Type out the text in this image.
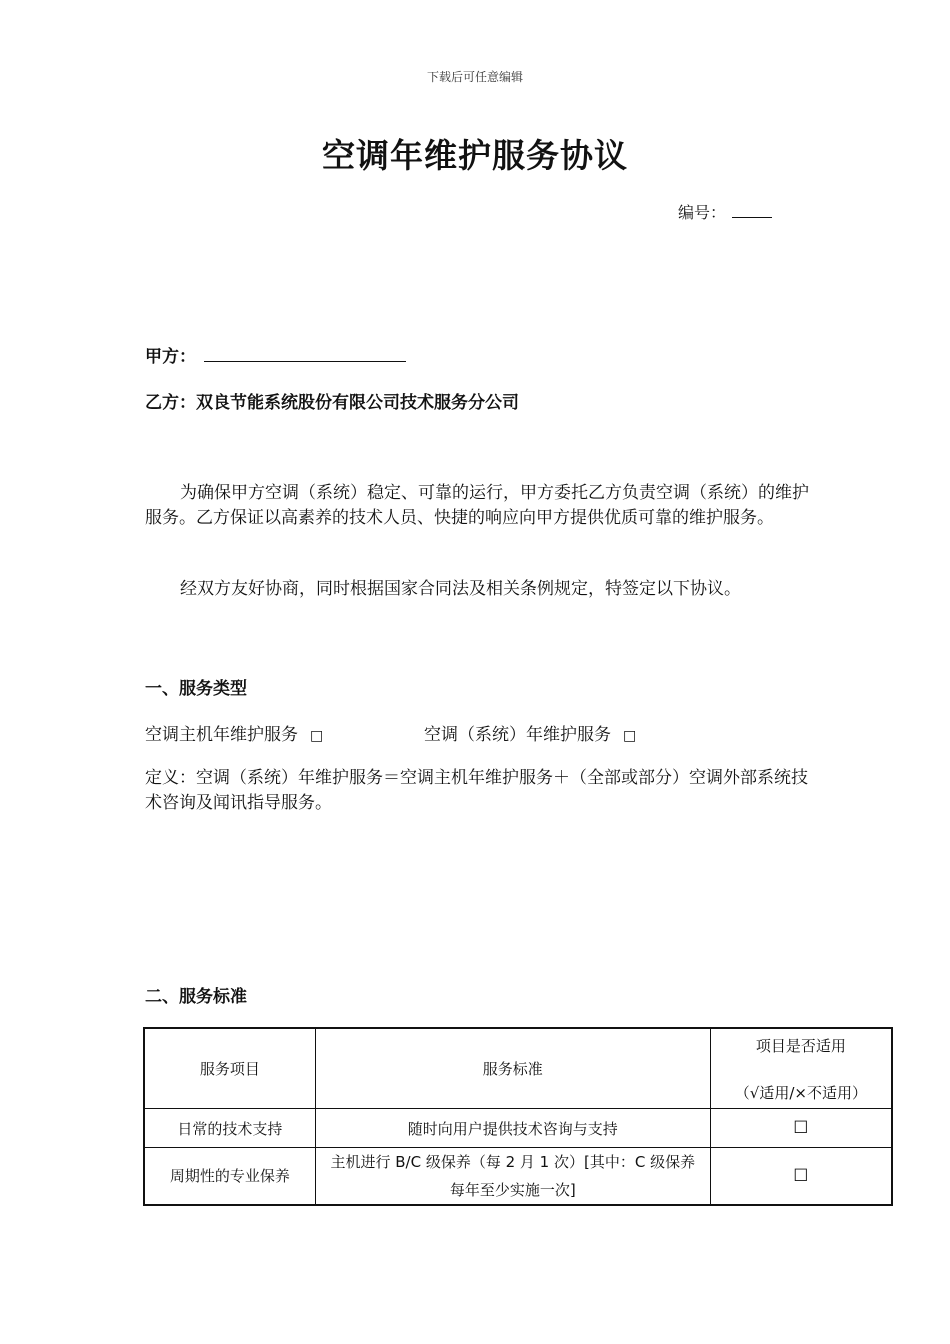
下载后可任意编辑
空调年维护服务协议
编号：
甲方：
乙方：双良节能系统股份有限公司技术服务分公司
为确保甲方空调（系统）稳定、可靠的运行，甲方委托乙方负责空调（系统）的维护服务。乙方保证以高素养的技术人员、快捷的响应向甲方提供优质可靠的维护服务。
经双方友好协商，同时根据国家合同法及相关条例规定，特签定以下协议。
一、服务类型
空调主机年维护服务 □	空调（系统）年维护服务 □
定义：空调（系统）年维护服务＝空调主机年维护服务＋（全部或部分）空调外部系统技术咨询及闻讯指导服务。
二、服务标准
服务项目	服务标准	项目是否适用
（√适用/×不适用）
日常的技术支持	随时向用户提供技术咨询与支持	☐
周期性的专业保养	主机进行 B/C 级保养（每 2 月 1 次）[其中：C 级保养每年至少实施一次]	☐
